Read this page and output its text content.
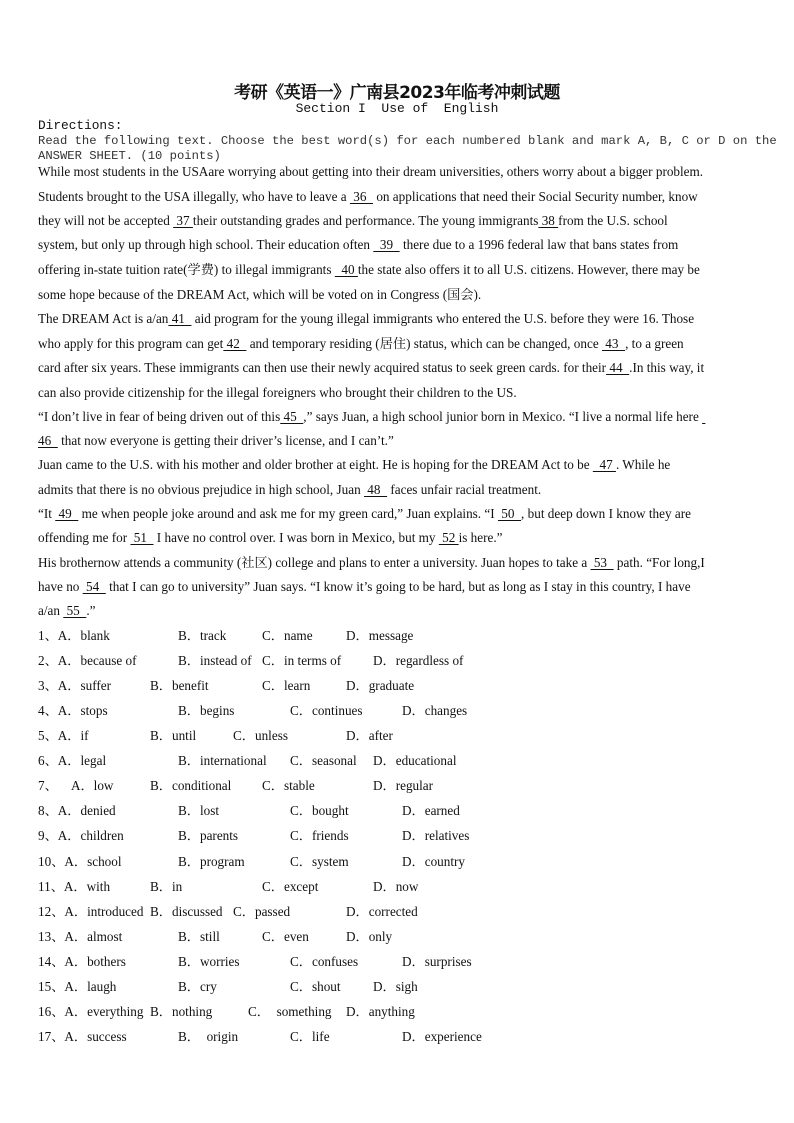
考研《英语一》广南县2023年临考冲刺试题
Section I  Use of  English
Directions:
Read the following text. Choose the best word(s) for each numbered blank and mark A, B, C or D on the
ANSWER SHEET. (10 points)
While most students in the USAare worrying about getting into their dream universities, others worry about a bigger problem.
Students brought to the USA illegally, who have to leave a  36   on applications that need their Social Security number, know
they will not be accepted  37 their outstanding grades and performance. The young immigrants 38 from the U.S. school
system, but only up through high school. Their education often   39   there due to a 1996 federal law that bans states from
offering in-state tuition rate(学费) to illegal immigrants   40 the state also offers it to all U.S. citizens. However, there may be
some hope because of the DREAM Act, which will be voted on in Congress (国会).
The DREAM Act is a/an 41   aid program for the young illegal immigrants who entered the U.S. before they were 16. Those
who apply for this program can get 42   and temporary residing (居住) status, which can be changed, once  43  , to a green
card after six years. These immigrants can then use their newly acquired status to seek green cards. for their 44  .In this way, it
can also provide citizenship for the illegal foreigners who brought their children to the US.
“I don’t live in fear of being driven out of this 45  ,” says Juan, a high school junior born in Mexico. “I live a normal life here
46   that now everyone is getting their driver’s license, and I can’t.”
Juan came to the U.S. with his mother and older brother at eight. He is hoping for the DREAM Act to be   47 . While he
admits that there is no obvious prejudice in high school, Juan  48   faces unfair racial treatment.
“It  49   me when people joke around and ask me for my green card,” Juan explains. “I  50  , but deep down I know they are
offending me for  51   I have no control over. I was born in Mexico, but my  52 is here.”
His brothernow attends a community (社区) college and plans to enter a university. Juan hopes to take a  53   path. “For long,I
have no  54   that I can go to university” Juan says. “I know it’s going to be hard, but as long as I stay in this country, I have
a/an  55  .”
1、A．blank	B．track	C．name	D．message
2、A．because of	B．instead of C．in terms of D．regardless of
3、A．suffer	B．benefit	C．learn	D．graduate
4、A．stops	B．begins	C．continues	D．changes
5、A．if	B．until	C．unless	D．after
6、A．legal	B．international C．seasonal D．educational
7、    A．low	B．conditional C．stable	D．regular
8、A．denied	B．lost	C．bought	D．earned
9、A．children	B．parents	C．friends	D．relatives
10、A．school	B．program	C．system	D．country
11、A．with	B．in	C．except	D．now
12、A．introduced B．discussed C．passed	D．corrected
13、A．almost	B．still	C．even	D．only
14、A．bothers	B．worries	C．confuses	D．surprises
15、A．laugh	B．cry	C．shout D．sigh
16、A．everything B．nothing	C．  something D．anything
17、A．success	B．  origin	C．life	D．experience
